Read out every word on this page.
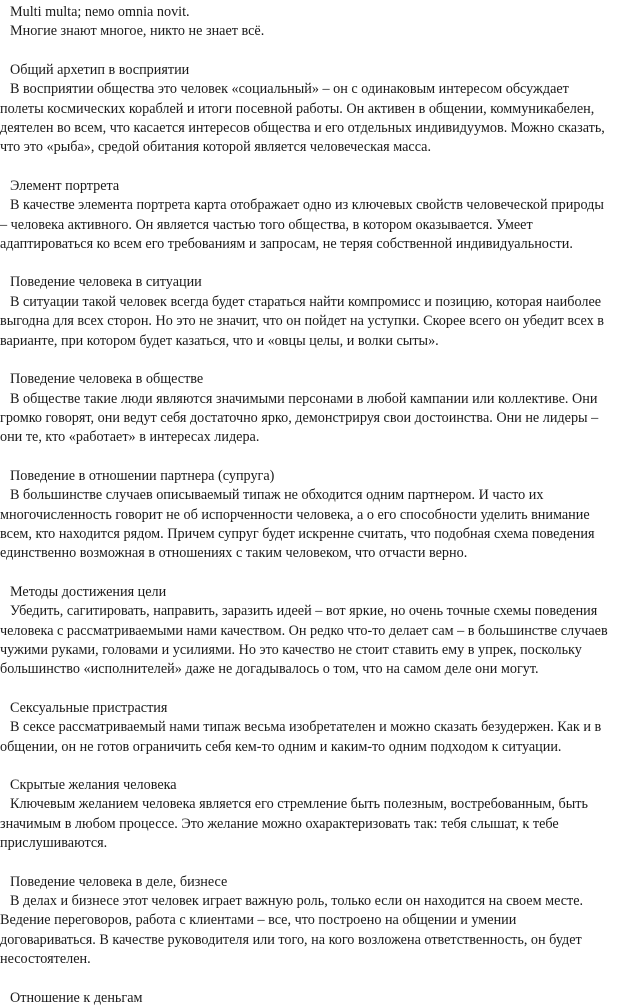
Multi multa; neмо omnia novit.

Многие знают многое, никто не знает всё.

Общий архетип в восприятии

В восприятии общества это человек «социальный» – он с одинаковым интересом обсуждает полеты космических кораблей и итоги посевной работы. Он активен в общении, коммуникабелен, деятелен во всем, что касается интересов общества и его отдельных индивидуумов. Можно сказать, что это «рыба», средой обитания которой является человеческая масса.

Элемент портрета

В качестве элемента портрета карта отображает одно из ключевых свойств человеческой природы – человека активного. Он является частью того общества, в котором оказывается. Умеет адаптироваться ко всем его требованиям и запросам, не теряя собственной индивидуальности.

Поведение человека в ситуации

В ситуации такой человек всегда будет стараться найти компромисс и позицию, которая наиболее выгодна для всех сторон. Но это не значит, что он пойдет на уступки. Скорее всего он убедит всех в варианте, при котором будет казаться, что и «овцы целы, и волки сыты».

Поведение человека в обществе

В обществе такие люди являются значимыми персонами в любой кампании или коллективе. Они громко говорят, они ведут себя достаточно ярко, демонстрируя свои достоинства. Они не лидеры – они те, кто «работает» в интересах лидера.

Поведение в отношении партнера (супруга)

В большинстве случаев описываемый типаж не обходится одним партнером. И часто их многочисленность говорит не об испорченности человека, а о его способности уделить внимание всем, кто находится рядом. Причем супруг будет искренне считать, что подобная схема поведения единственно возможная в отношениях с таким человеком, что отчасти верно.

Методы достижения цели

Убедить, сагитировать, направить, заразить идеей – вот яркие, но очень точные схемы поведения человека с рассматриваемыми нами качеством. Он редко что-то делает сам – в большинстве случаев чужими руками, головами и усилиями. Но это качество не стоит ставить ему в упрек, поскольку большинство «исполнителей» даже не догадывалось о том, что на самом деле они могут.

Сексуальные пристрастия

В сексе рассматриваемый нами типаж весьма изобретателен и можно сказать безудержен. Как и в общении, он не готов ограничить себя кем-то одним и каким-то одним подходом к ситуации.

Скрытые желания человека

Ключевым желанием человека является его стремление быть полезным, востребованным, быть значимым в любом процессе. Это желание можно охарактеризовать так: тебя слышат, к тебе прислушиваются.

Поведение человека в деле, бизнесе

В делах и бизнесе этот человек играет важную роль, только если он находится на своем месте. Ведение переговоров, работа с клиентами – все, что построено на общении и умении договариваться. В качестве руководителя или того, на кого возложена ответственность, он будет несостоятелен.

Отношение к деньгам
